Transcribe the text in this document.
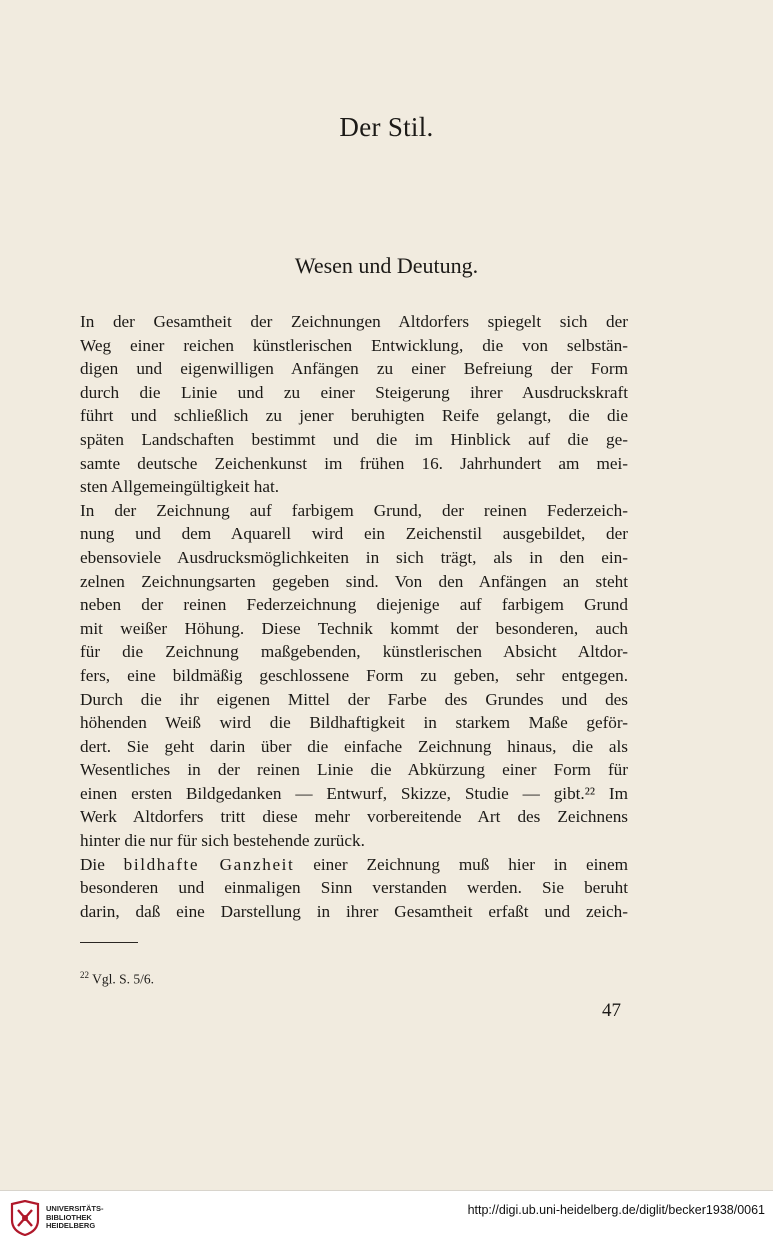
Der Stil.
Wesen und Deutung.
In der Gesamtheit der Zeichnungen Altdorfers spiegelt sich der
Weg einer reichen künstlerischen Entwicklung, die von selbstän-
digen und eigenwilligen Anfängen zu einer Befreiung der Form
durch die Linie und zu einer Steigerung ihrer Ausdruckskraft
führt und schließlich zu jener beruhigten Reife gelangt, die die
späten Landschaften bestimmt und die im Hinblick auf die ge-
samte deutsche Zeichenkunst im frühen 16. Jahrhundert am mei-
sten Allgemeingültigkeit hat.
In der Zeichnung auf farbigem Grund, der reinen Federzeich-
nung und dem Aquarell wird ein Zeichenstil ausgebildet, der
ebensoviele Ausdrucksmöglichkeiten in sich trägt, als in den ein-
zelnen Zeichnungsarten gegeben sind. Von den Anfängen an steht
neben der reinen Federzeichnung diejenige auf farbigem Grund
mit weißer Höhung. Diese Technik kommt der besonderen, auch
für die Zeichnung maßgebenden, künstlerischen Absicht Altdor-
fers, eine bildmäßig geschlossene Form zu geben, sehr entgegen.
Durch die ihr eigenen Mittel der Farbe des Grundes und des
höhenden Weiß wird die Bildhaftigkeit in starkem Maße geför-
dert. Sie geht darin über die einfache Zeichnung hinaus, die als
Wesentliches in der reinen Linie die Abkürzung einer Form für
einen ersten Bildgedanken — Entwurf, Skizze, Studie — gibt.²² Im
Werk Altdorfers tritt diese mehr vorbereitende Art des Zeichnens
hinter die nur für sich bestehende zurück.
Die bildhafte Ganzheit einer Zeichnung muß hier in einem
besonderen und einmaligen Sinn verstanden werden. Sie beruht
darin, daß eine Darstellung in ihrer Gesamtheit erfaßt und zeich-
$^{22}$ Vgl. S. 5/6.
47
UNIVERSITÄTS-
BIBLIOTHEK
HEIDELBERG
http://digi.ub.uni-heidelberg.de/diglit/becker1938/0061
